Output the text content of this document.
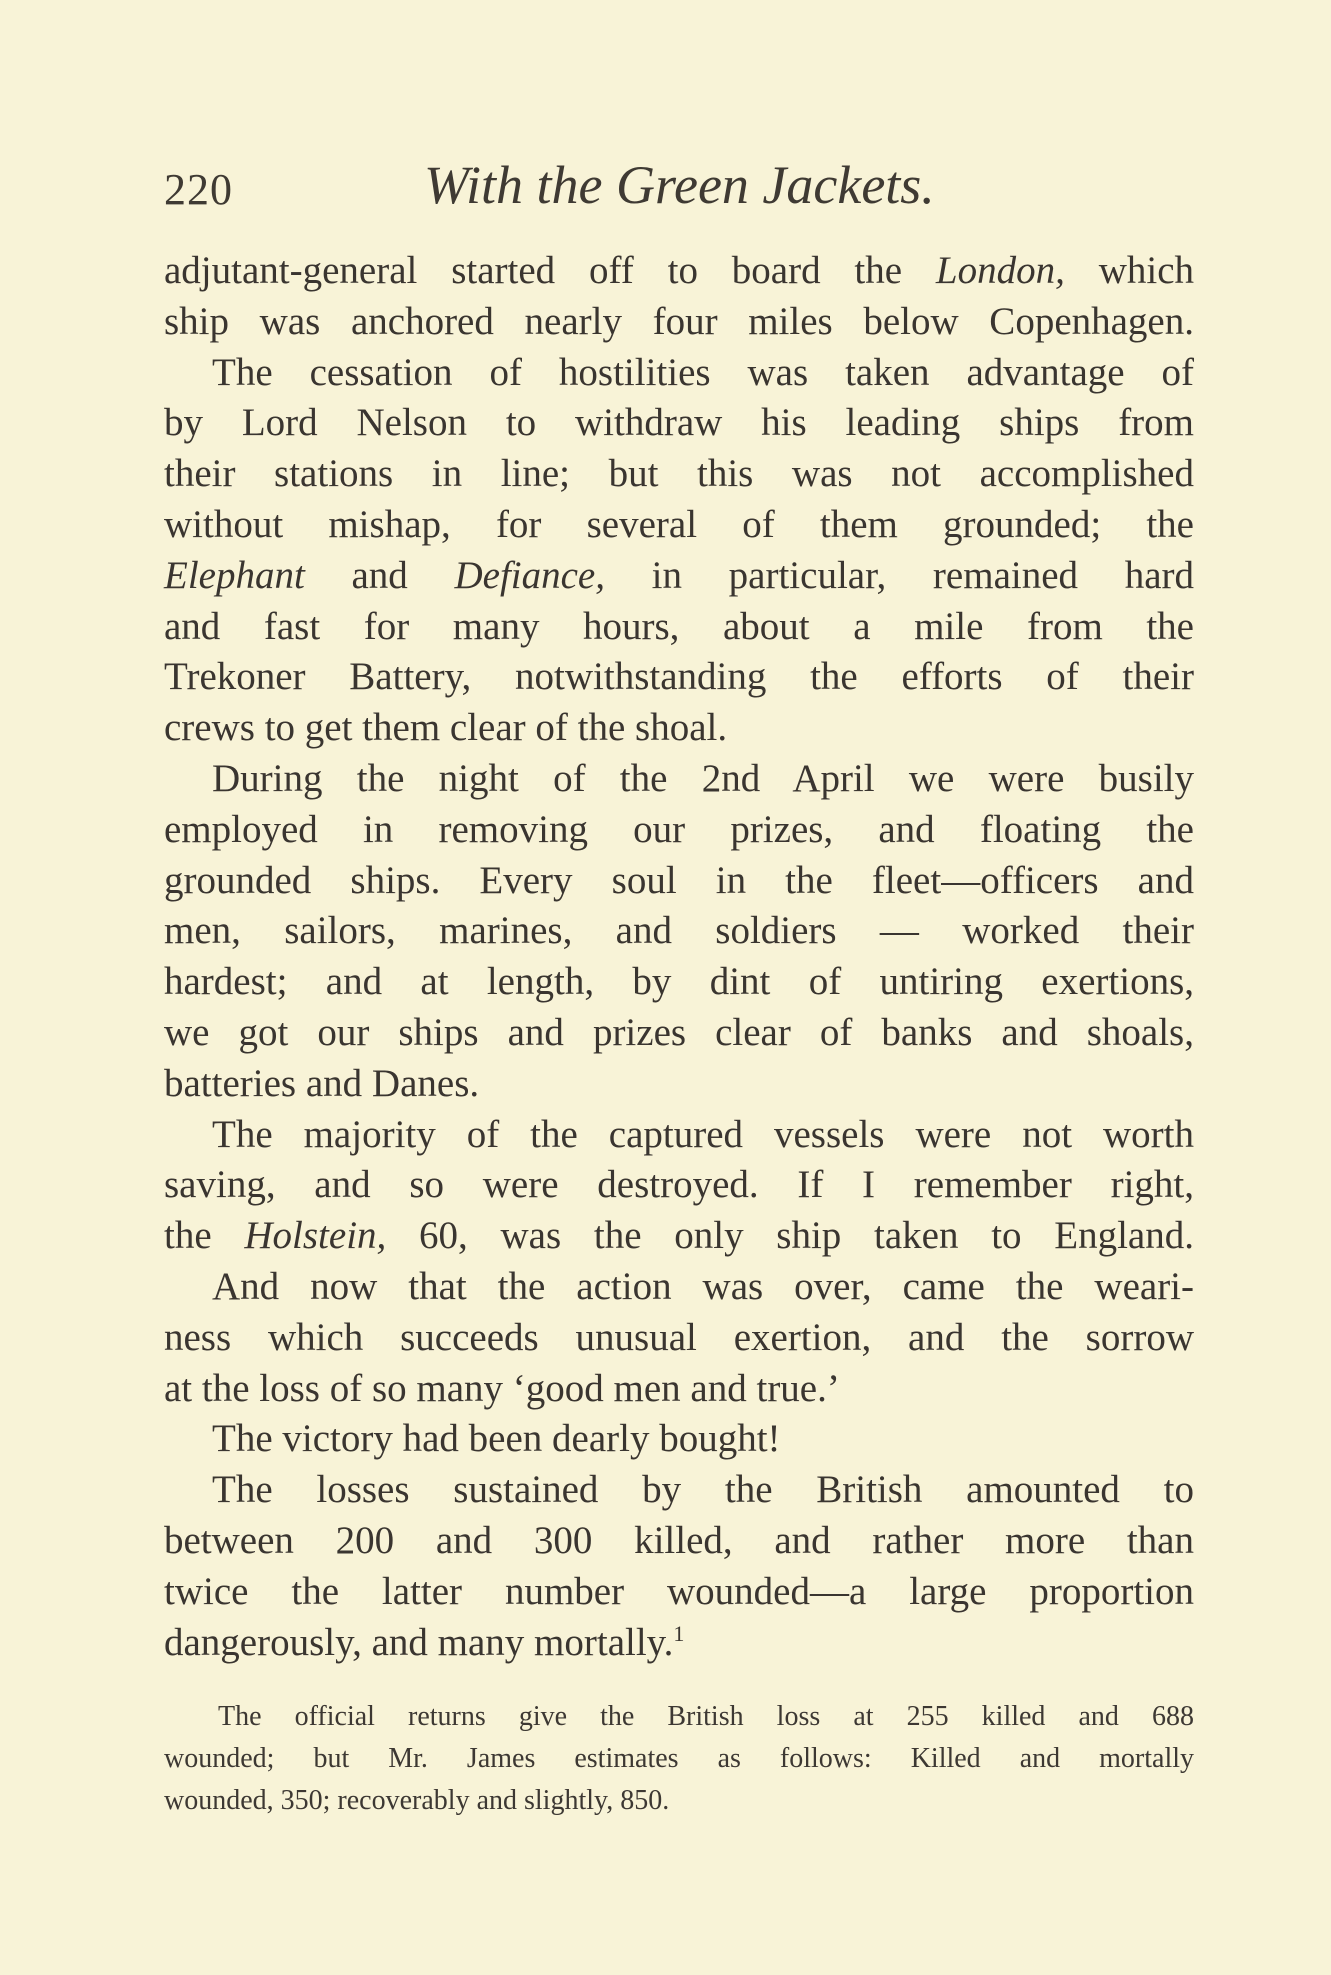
220	With the Green Jackets.
adjutant-general started off to board the London, which
ship was anchored nearly four miles below Copenhagen.
The cessation of hostilities was taken advantage of
by Lord Nelson to withdraw his leading ships from
their stations in line; but this was not accomplished
without mishap, for several of them grounded; the
Elephant and Defiance, in particular, remained hard
and fast for many hours, about a mile from the
Trekoner Battery, notwithstanding the efforts of their
crews to get them clear of the shoal.
During the night of the 2nd April we were busily
employed in removing our prizes, and floating the
grounded ships. Every soul in the fleet—officers and
men, sailors, marines, and soldiers — worked their
hardest; and at length, by dint of untiring exertions,
we got our ships and prizes clear of banks and shoals,
batteries and Danes.
The majority of the captured vessels were not worth
saving, and so were destroyed. If I remember right,
the Holstein, 60, was the only ship taken to England.
And now that the action was over, came the weari-
ness which succeeds unusual exertion, and the sorrow
at the loss of so many ‘good men and true.’
The victory had been dearly bought!
The losses sustained by the British amounted to
between 200 and 300 killed, and rather more than
twice the latter number wounded—a large proportion
dangerously, and many mortally.$^1$
The official returns give the British loss at 255 killed and 688
wounded; but Mr. James estimates as follows: Killed and mortally
wounded, 350; recoverably and slightly, 850.
